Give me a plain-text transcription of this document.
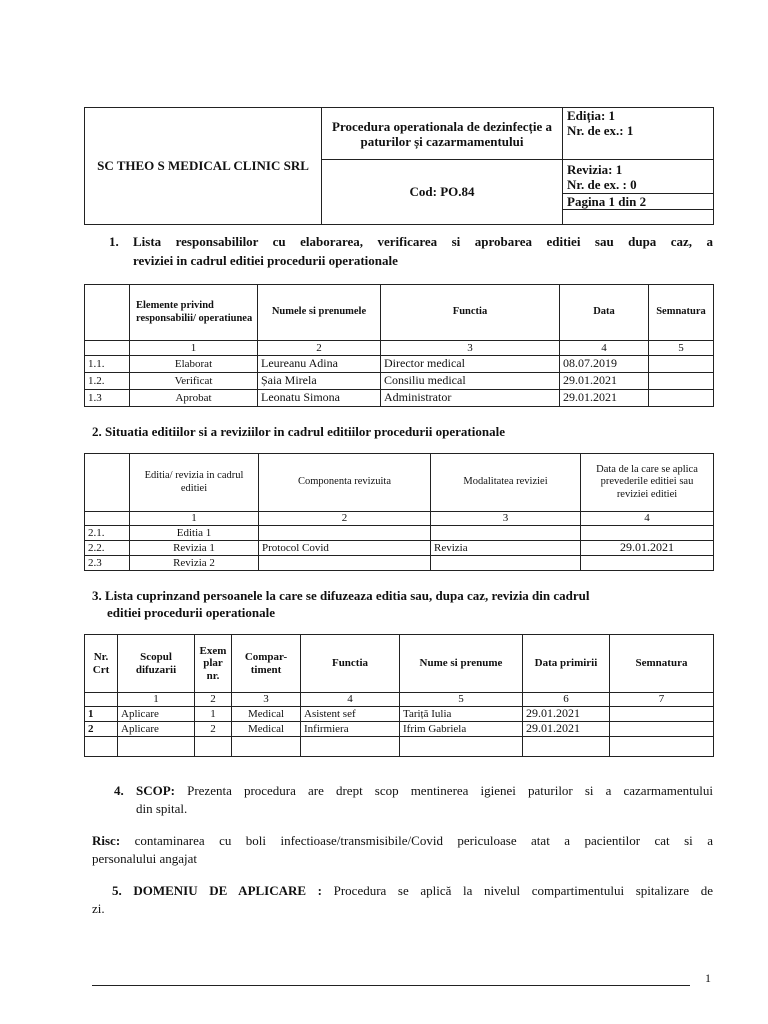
SC THEO S MEDICAL CLINIC SRL	Procedura operationala de dezinfecție a paturilor și cazarmamentului	Ediția: 1
Nr. de ex.: 1

	Cod: PO.84	Revizia: 1
Nr. de ex. : 0
Pagina 1 din 2
1. Lista responsabililor cu elaborarea, verificarea si aprobarea editiei sau dupa caz, a
reviziei in cadrul editiei procedurii operationale
	Elemente privind responsabilii/ operatiunea	Numele si prenumele	Functia	Data	Semnatura
	1	2	3	4	5
1.1.	Elaborat	Leureanu Adina	Director medical	08.07.2019	
1.2.	Verificat	Șaia Mirela	Consiliu medical	29.01.2021	
1.3	Aprobat	Leonatu Simona	Administrator	29.01.2021	
2. Situatia editiilor si a reviziilor in cadrul editiilor procedurii operationale
	Editia/ revizia in cadrul editiei	Componenta revizuita	Modalitatea reviziei	Data de la care se aplica prevederile editiei sau reviziei editiei
	1	2	3	4
2.1.	Editia 1			
2.2.	Revizia 1	Protocol Covid	Revizia	29.01.2021
2.3	Revizia 2			
3. Lista cuprinzand persoanele la care se difuzeaza editia sau, dupa caz, revizia din cadrul
editiei procedurii operationale
Nr. Crt	Scopul difuzarii	Exem plar nr.	Compar-timent	Functia	Nume si prenume	Data primirii	Semnatura
	1	2	3	4	5	6	7
1	Aplicare	1	Medical	Asistent sef	Tariță Iulia	29.01.2021	
2	Aplicare	2	Medical	Infirmiera	Ifrim Gabriela	29.01.2021	

4. SCOP: Prezenta procedura are drept scop mentinerea igienei paturilor si a cazarmamentului
din spital.
Risc: contaminarea cu boli infectioase/transmisibile/Covid periculoase atat a pacientilor cat si a
personalului angajat
5. DOMENIU DE APLICARE : Procedura se aplică la nivelul compartimentului spitalizare de
zi.
1
